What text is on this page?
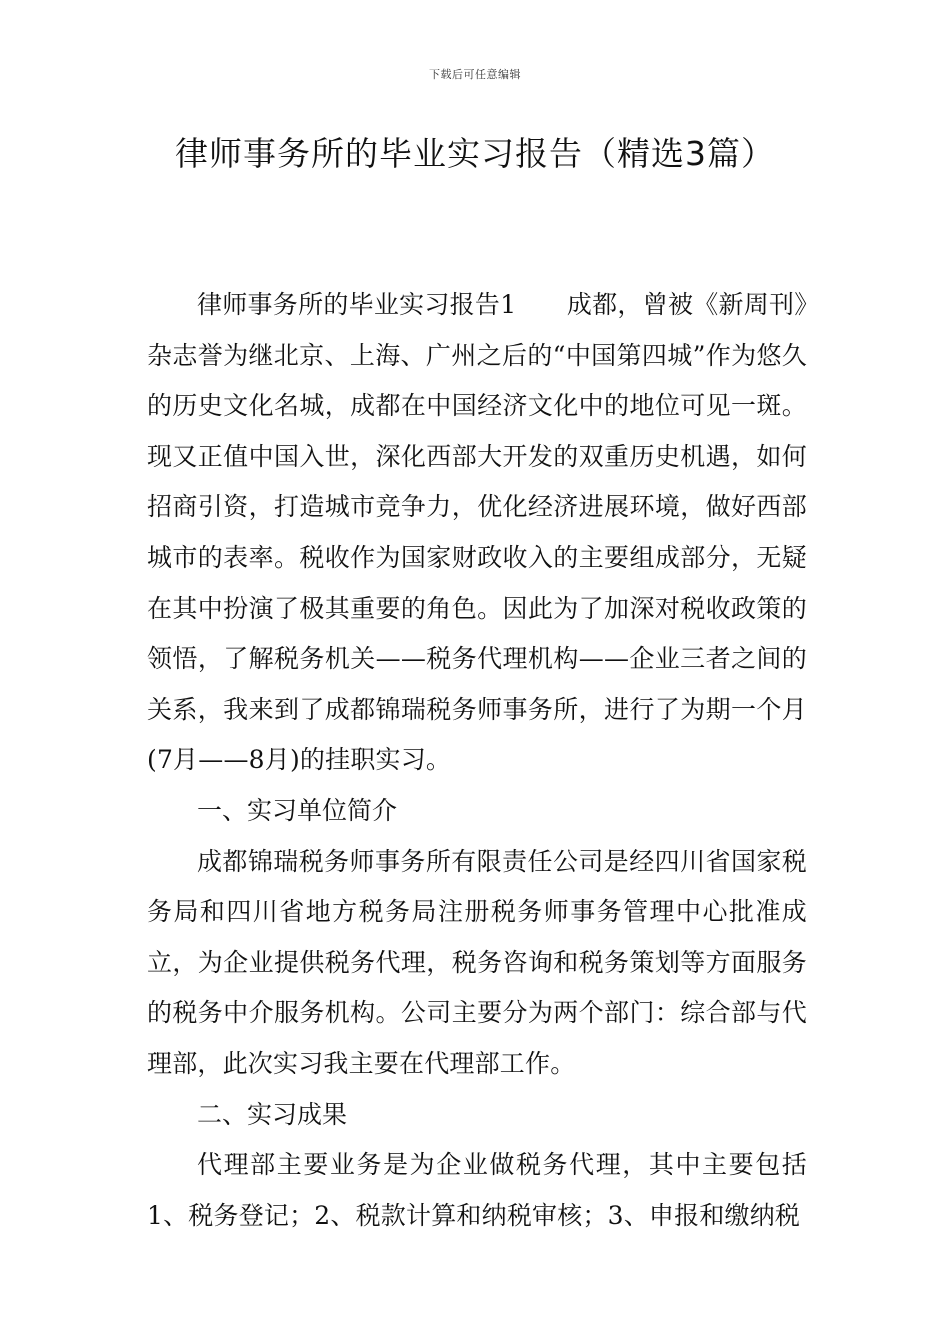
下载后可任意编辑
律师事务所的毕业实习报告（精选3篇）

律师事务所的毕业实习报告1　　成都，曾被《新周刊》杂志誉为继北京、上海、广州之后的“中国第四城”作为悠久的历史文化名城，成都在中国经济文化中的地位可见一斑。现又正值中国入世，深化西部大开发的双重历史机遇，如何招商引资，打造城市竞争力，优化经济进展环境，做好西部城市的表率。税收作为国家财政收入的主要组成部分，无疑在其中扮演了极其重要的角色。因此为了加深对税收政策的领悟，了解税务机关——税务代理机构——企业三者之间的关系，我来到了成都锦瑞税务师事务所，进行了为期一个月(7月——8月)的挂职实习。

一、实习单位简介

成都锦瑞税务师事务所有限责任公司是经四川省国家税务局和四川省地方税务局注册税务师事务管理中心批准成立，为企业提供税务代理，税务咨询和税务策划等方面服务的税务中介服务机构。公司主要分为两个部门：综合部与代理部，此次实习我主要在代理部工作。

二、实习成果

代理部主要业务是为企业做税务代理，其中主要包括1、税务登记；2、税款计算和纳税审核；3、申报和缴纳税
